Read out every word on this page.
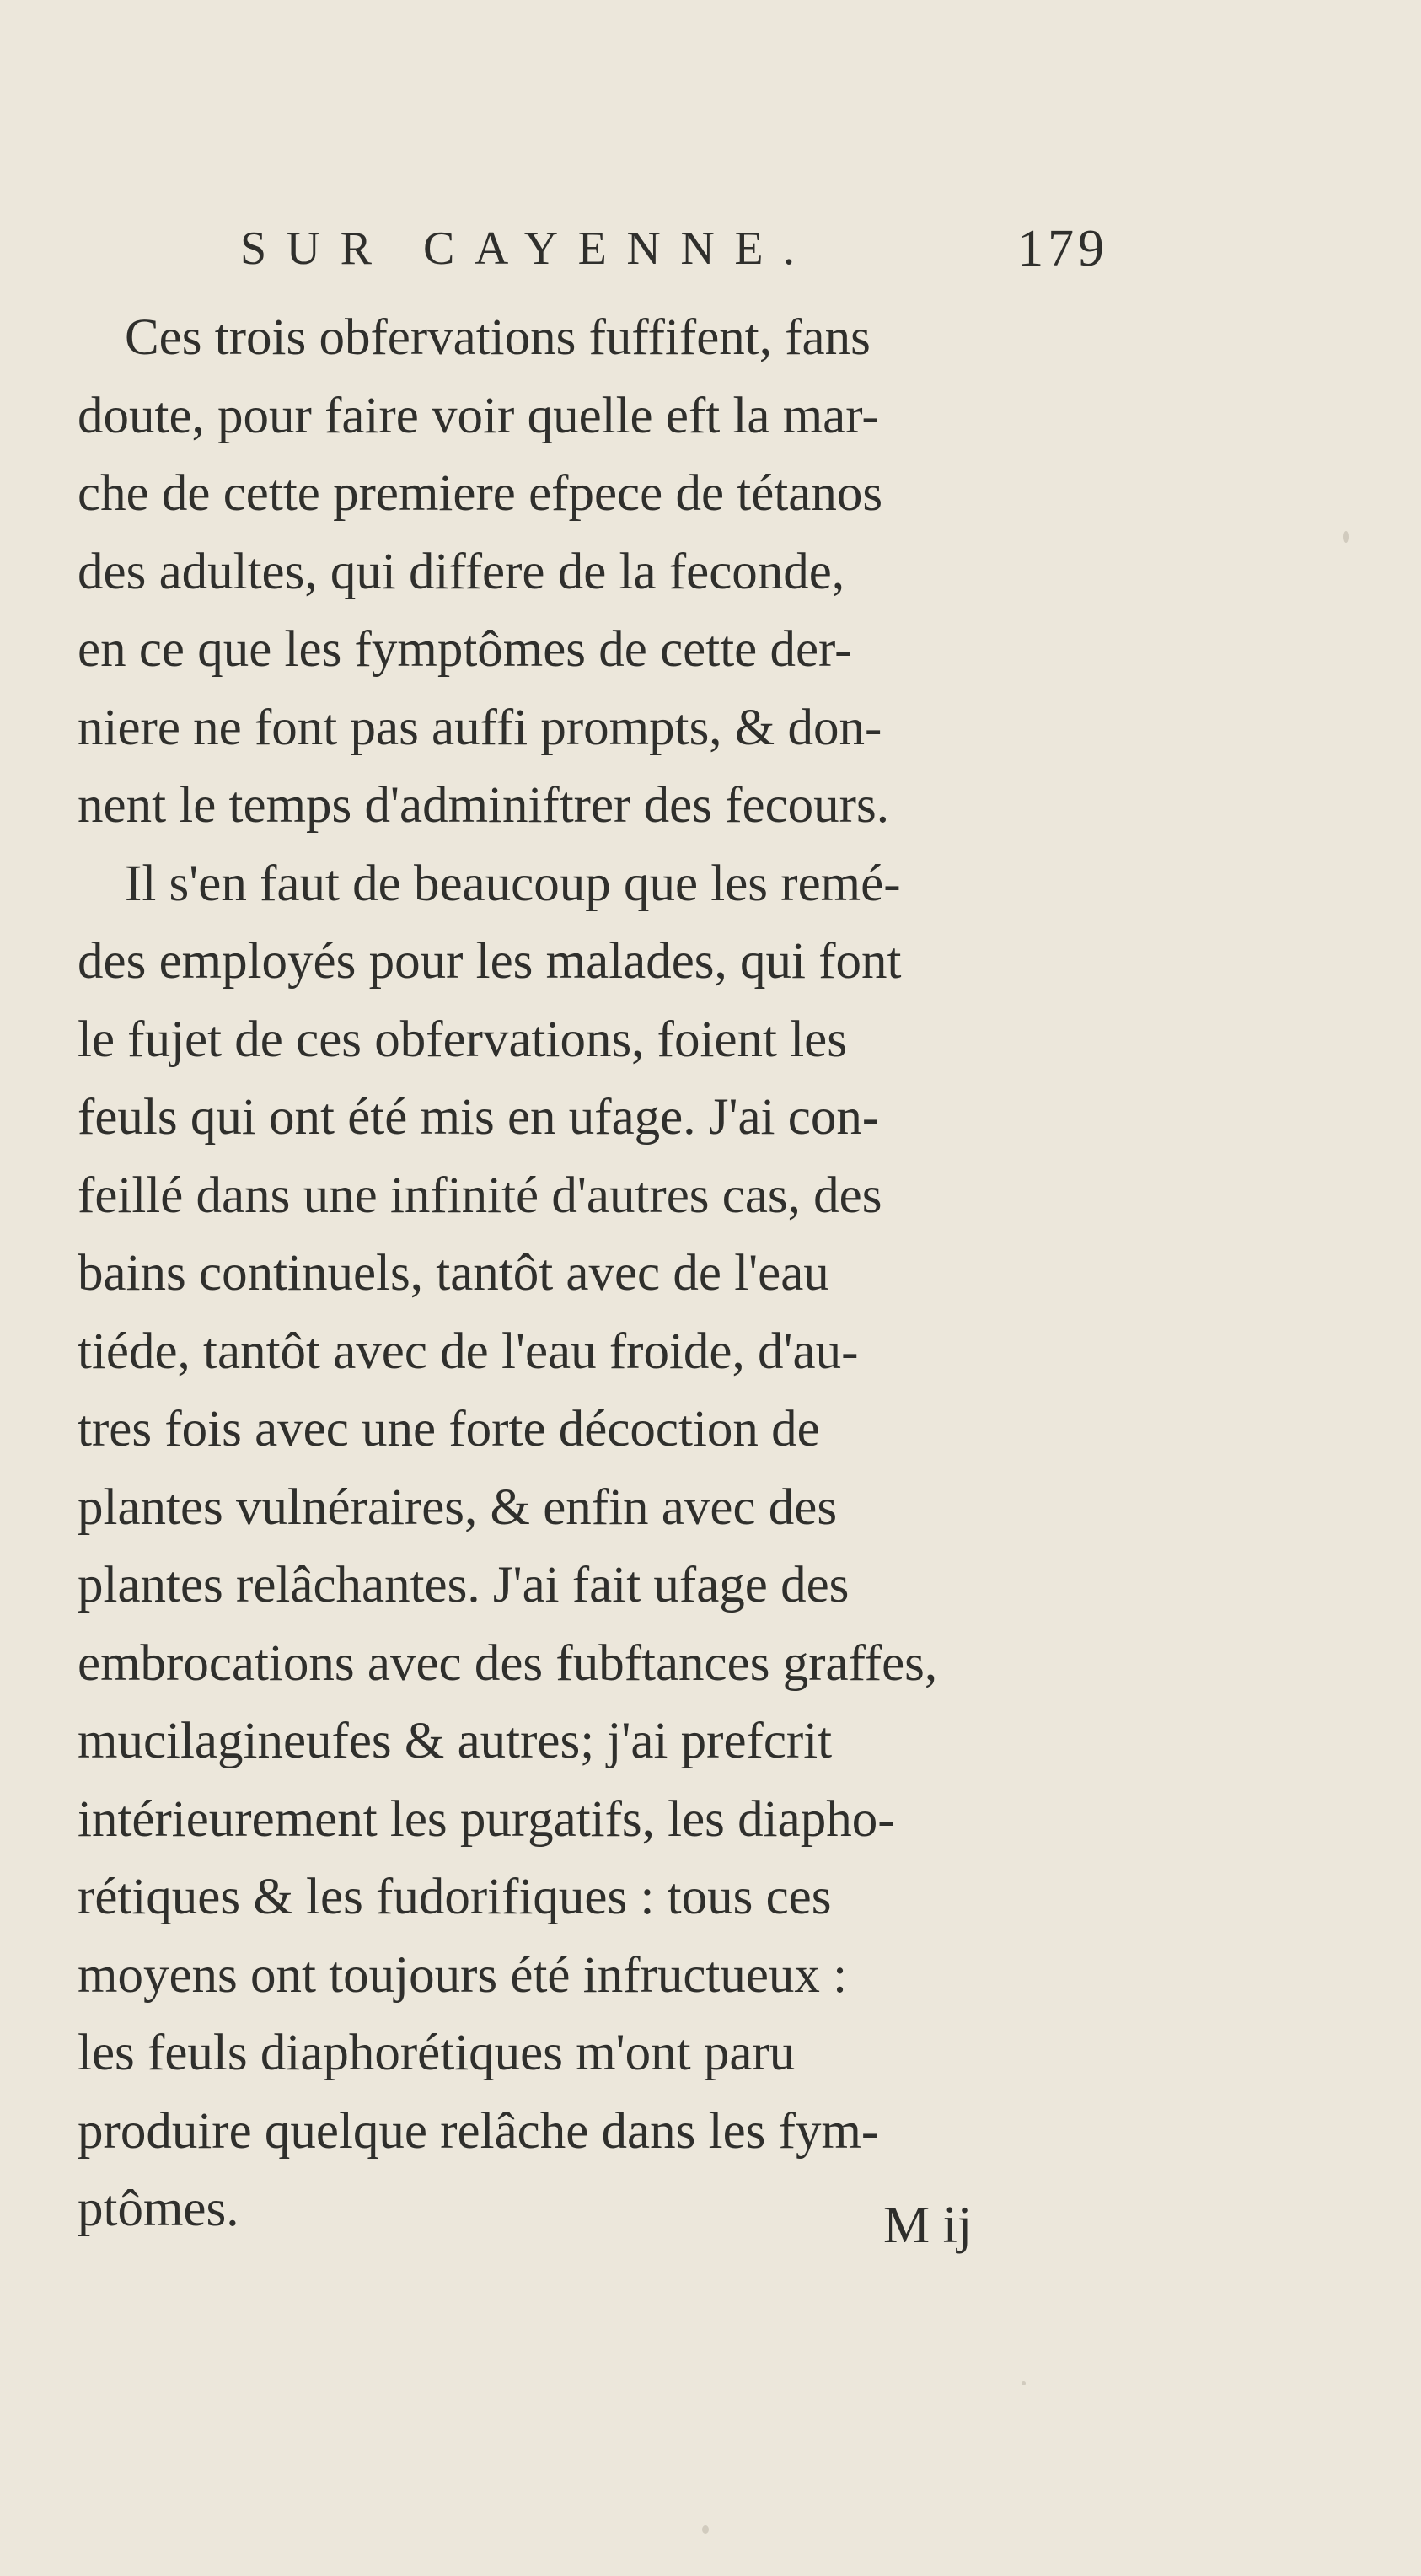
SUR CAYENNE.	179
Ces trois obfervations fuffifent, fans
doute, pour faire voir quelle eft la mar-
che de cette premiere efpece de tétanos
des adultes, qui differe de la feconde,
en ce que les fymptômes de cette der-
niere ne font pas auffi prompts, & don-
nent le temps d'adminiftrer des fecours.
Il s'en faut de beaucoup que les remé-
des employés pour les malades, qui font
le fujet de ces obfervations, foient les
feuls qui ont été mis en ufage. J'ai con-
feillé dans une infinité d'autres cas, des
bains continuels, tantôt avec de l'eau
tiéde, tantôt avec de l'eau froide, d'au-
tres fois avec une forte décoction de
plantes vulnéraires, & enfin avec des
plantes relâchantes. J'ai fait ufage des
embrocations avec des fubftances graffes,
mucilagineufes & autres; j'ai prefcrit
intérieurement les purgatifs, les diapho-
rétiques & les fudorifiques : tous ces
moyens ont toujours été infructueux :
les feuls diaphorétiques m'ont paru
produire quelque relâche dans les fym-
ptômes.	M ij
